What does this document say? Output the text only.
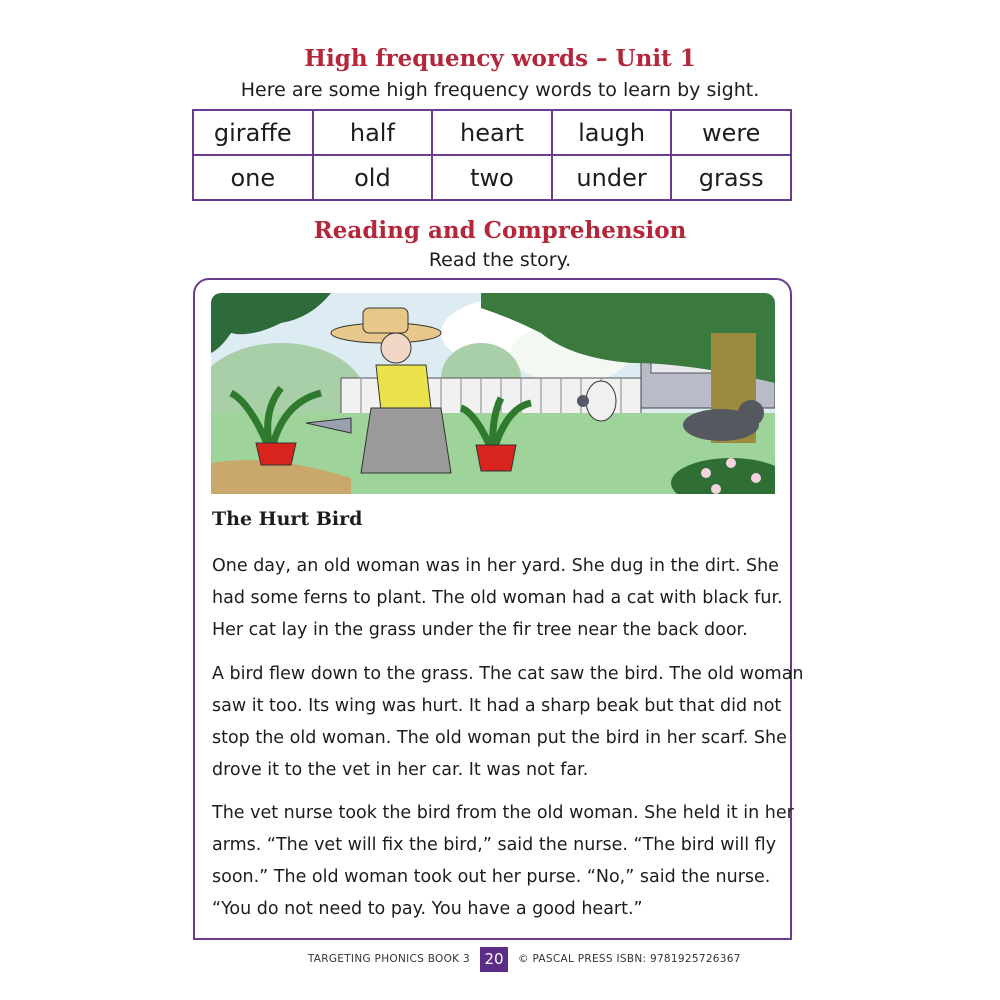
High frequency words – Unit 1
Here are some high frequency words to learn by sight.
giraffe	half	heart	laugh	were
one	old	two	under	grass
Reading and Comprehension
Read the story.
The Hurt Bird
One day, an old woman was in her yard. She dug in the dirt. She
had some ferns to plant. The old woman had a cat with black fur.
Her cat lay in the grass under the fir tree near the back door.
A bird flew down to the grass. The cat saw the bird. The old woman
saw it too. Its wing was hurt. It had a sharp beak but that did not
stop the old woman. The old woman put the bird in her scarf. She
drove it to the vet in her car. It was not far.
The vet nurse took the bird from the old woman. She held it in her
arms. “The vet will fix the bird,” said the nurse. “The bird will fly
soon.” The old woman took out her purse. “No,” said the nurse.
“You do not need to pay. You have a good heart.”
TARGETING PHONICS BOOK 3 20	© PASCAL PRESS ISBN: 9781925726367
